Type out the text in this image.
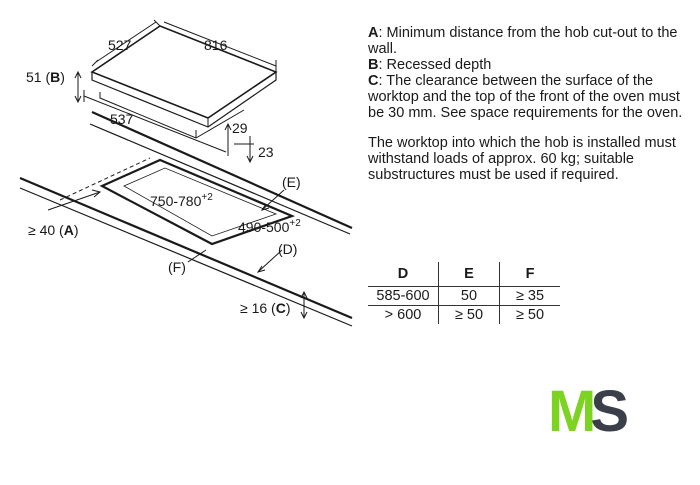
527	816
51 (B)
537
29
23
$750-780^{+2}$
$490-500^{+2}$
(E)
≥ 40 (A)
(D)
(F)
≥ 16 (C)
A: Minimum distance from the hob cut-out to the wall.
B: Recessed depth
C: The clearance between the surface of the worktop and the top of the front of the oven must be 30 mm. See space requirements for the oven.
The worktop into which the hob is installed must withstand loads of approx. 60 kg; suitable substructures must be used if required.
D	E	F
585-600	50	≥ 35
> 600	≥ 50	≥ 50
MS
